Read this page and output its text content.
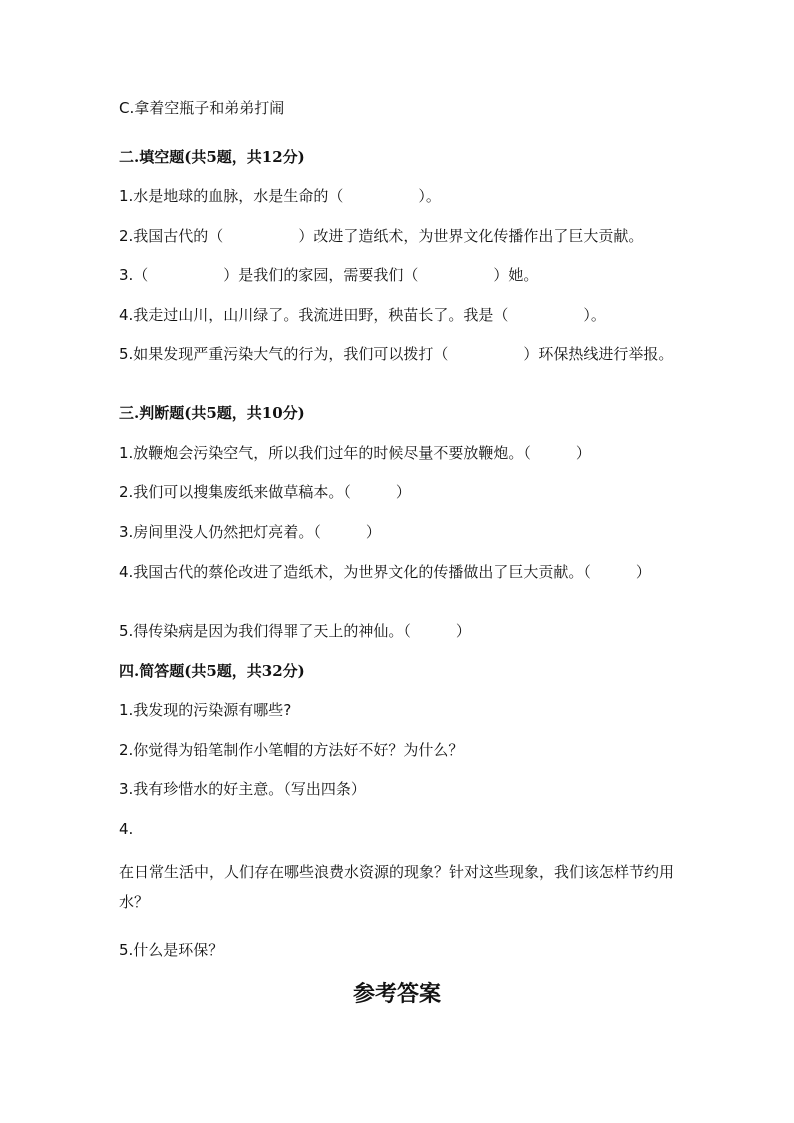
C.拿着空瓶子和弟弟打闹
二.填空题(共5题，共12分)
1.水是地球的血脉，水是生命的（　　　　　）。
2.我国古代的（　　　　　）改进了造纸术，为世界文化传播作出了巨大贡献。
3.（　　　　　）是我们的家园，需要我们（　　　　　）她。
4.我走过山川，山川绿了。我流进田野，秧苗长了。我是（　　　　　）。
5.如果发现严重污染大气的行为，我们可以拨打（　　　　　）环保热线进行举报。
三.判断题(共5题，共10分)
1.放鞭炮会污染空气，所以我们过年的时候尽量不要放鞭炮。（　　　）
2.我们可以搜集废纸来做草稿本。（　　　）
3.房间里没人仍然把灯亮着。（　　　）
4.我国古代的蔡伦改进了造纸术，为世界文化的传播做出了巨大贡献。（　　　）
5.得传染病是因为我们得罪了天上的神仙。（　　　）
四.简答题(共5题，共32分)
1.我发现的污染源有哪些?
2.你觉得为铅笔制作小笔帽的方法好不好？为什么？
3.我有珍惜水的好主意。（写出四条）
4.
在日常生活中，人们存在哪些浪费水资源的现象？针对这些现象，我们该怎样节约用水？
5.什么是环保？
参考答案
